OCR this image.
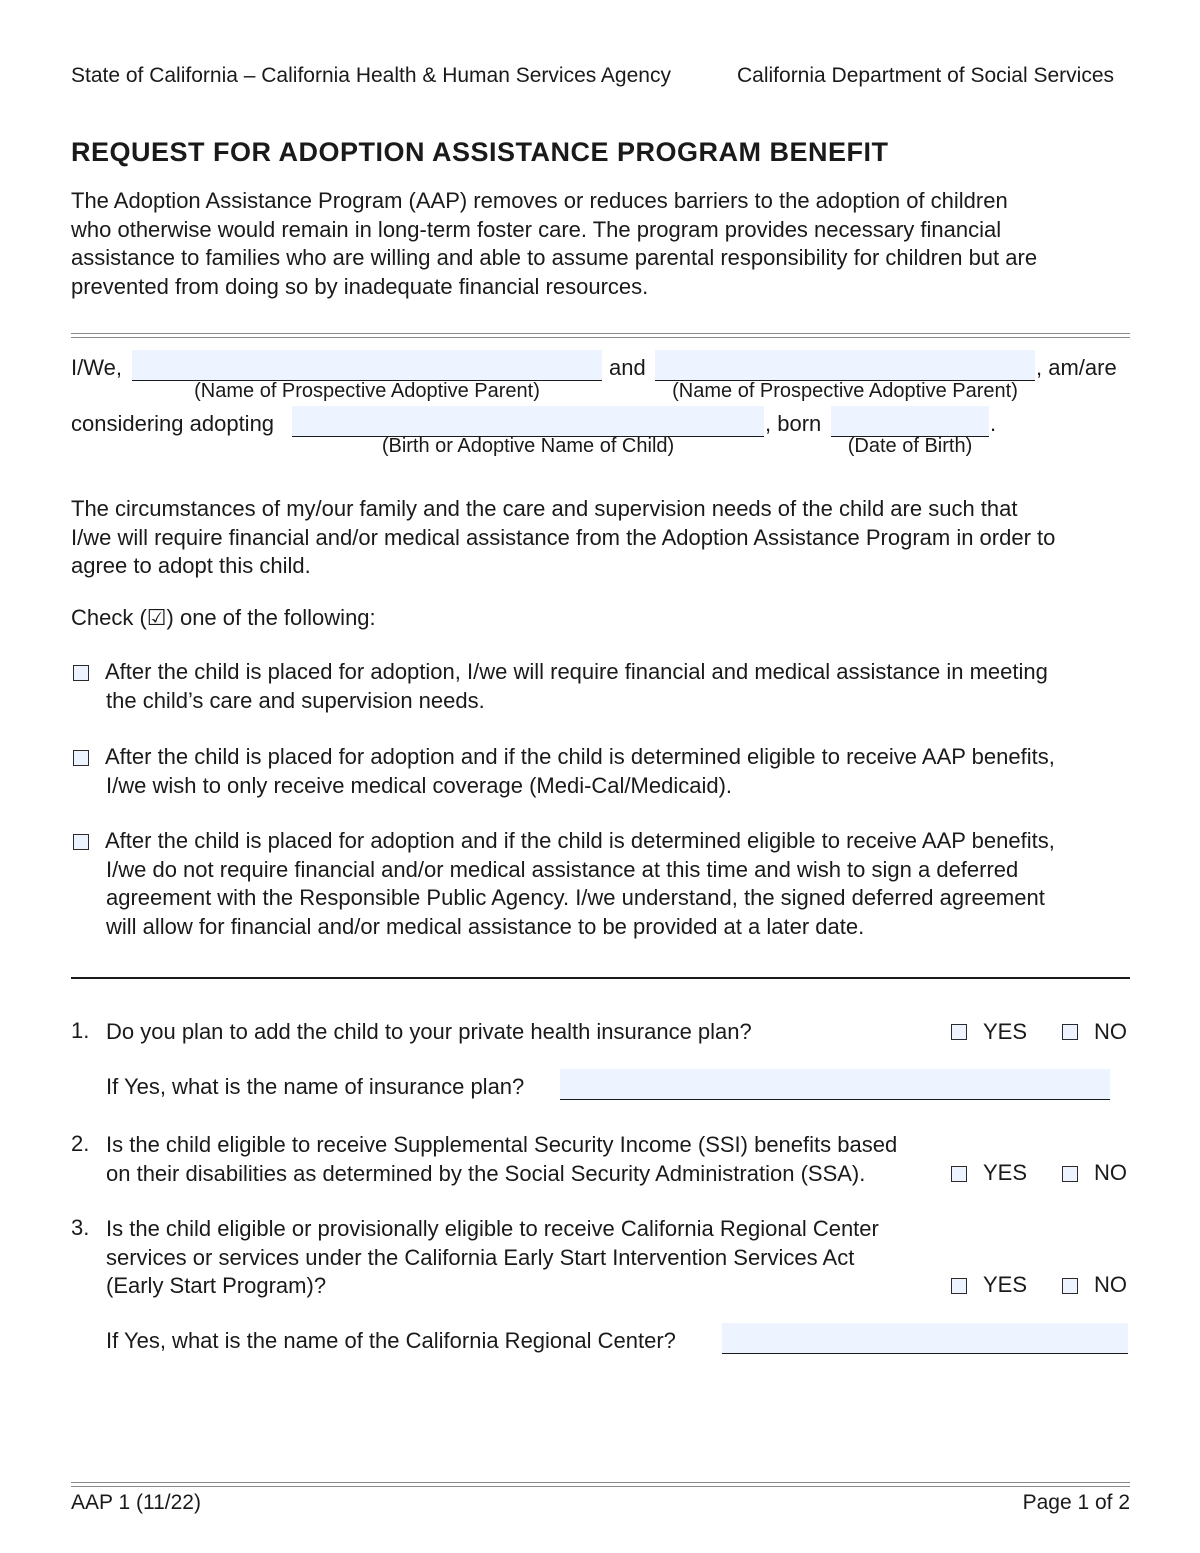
State of California – California Health & Human Services Agency	California Department of Social Services
REQUEST FOR ADOPTION ASSISTANCE PROGRAM BENEFIT
The Adoption Assistance Program (AAP) removes or reduces barriers to the adoption of children
who otherwise would remain in long-term foster care. The program provides necessary financial
assistance to families who are willing and able to assume parental responsibility for children but are
prevented from doing so by inadequate financial resources.
I/We,	and	, am/are
(Name of Prospective Adoptive Parent)	(Name of Prospective Adoptive Parent)
considering adopting	, born	.
(Birth or Adoptive Name of Child)	(Date of Birth)
The circumstances of my/our family and the care and supervision needs of the child are such that
I/we will require financial and/or medical assistance from the Adoption Assistance Program in order to
agree to adopt this child.
Check (☑) one of the following:
After the child is placed for adoption, I/we will require financial and medical assistance in meeting
the child’s care and supervision needs.
After the child is placed for adoption and if the child is determined eligible to receive AAP benefits,
I/we wish to only receive medical coverage (Medi-Cal/Medicaid).
After the child is placed for adoption and if the child is determined eligible to receive AAP benefits,
I/we do not require financial and/or medical assistance at this time and wish to sign a deferred
agreement with the Responsible Public Agency. I/we understand, the signed deferred agreement
will allow for financial and/or medical assistance to be provided at a later date.
1. Do you plan to add the child to your private health insurance plan?	YES	NO
If Yes, what is the name of insurance plan?
2. Is the child eligible to receive Supplemental Security Income (SSI) benefits based
on their disabilities as determined by the Social Security Administration (SSA).	YES	NO
3. Is the child eligible or provisionally eligible to receive California Regional Center
services or services under the California Early Start Intervention Services Act
(Early Start Program)?	YES	NO
If Yes, what is the name of the California Regional Center?
AAP 1 (11/22)	Page 1 of 2
